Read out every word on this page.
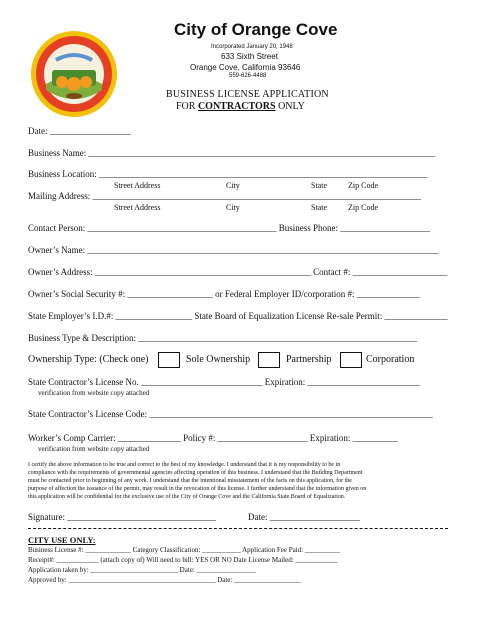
City of Orange Cove
Incorporated January 20, 1948
633 Sixth Street
Orange Cove, California 93646
559-626-4488
BUSINESS LICENSE APPLICATION
FOR CONTRACTORS ONLY
Date: __________________
Business Name: _____________________________________________________________________________
Business Location: _________________________________________________________________________
Street Address	City	State	Zip Code
Mailing Address: _________________________________________________________________________
Street Address	City	State	Zip Code
Contact Person: __________________________________________ Business Phone: ____________________
Owner’s Name: ______________________________________________________________________________
Owner’s Address: ________________________________________________ Contact #: _____________________
Owner’s Social Security #: ___________________ or Federal Employer ID/corporation #: ______________
State Employer’s I.D.#: _________________ State Board of Equalization License Re-sale Permit: ______________
Business Type & Description: ______________________________________________________________
Ownership Type: (Check one)	Sole Ownership	Partnership	Corporation
State Contractor’s License No. ___________________________ Expiration: _________________________
verification from website copy attached
State Contractor’s License Code: _______________________________________________________________
Worker’s Comp Carrier: ______________ Policy #: ____________________ Expiration: __________
verification from website copy attached
I certify the above information to be true and correct to the best of my knowledge. I understand that it is my responsibility to be in
compliance with the requirements of governmental agencies affecting operation of this business. I understand that the Building Department
must be contacted prior to beginning of any work. I understand that the intentional misstatement of the facts on this application, for the
purpose of affection the issuance of the permit, may result in the revocation of this license. I further understand that the information given on
this application will be confidential for the exclusive use of the City of Orange Cove and the California State Board of Equalization.
Signature: _________________________________	Date: ____________________
CITY USE ONLY:
Business License #: _____________ Category Classification: ___________ Application Fee Paid: __________
Receipt#: ____________ (attach copy of) Will need to bill: YES OR NO Date License Mailed: ____________
Application taken by: _________________________ Date: _________________
Approved by: __________________________________________ Date: ___________________
